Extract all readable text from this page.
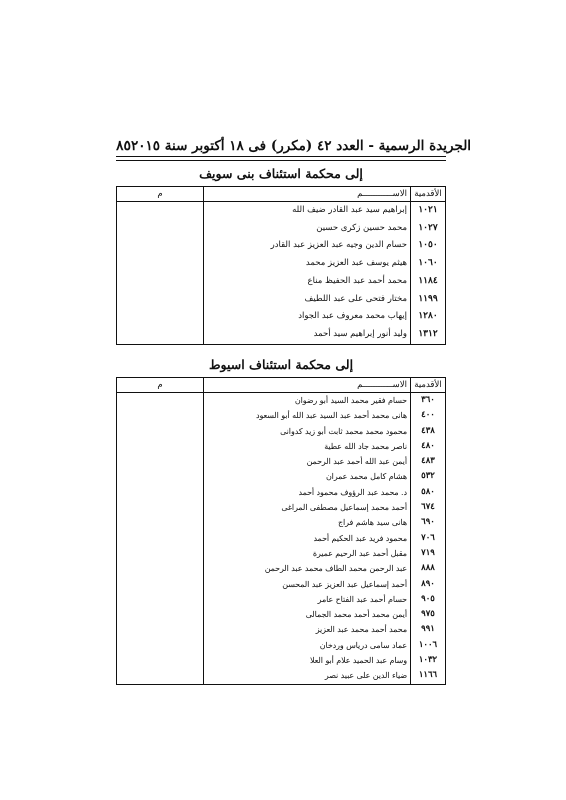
٨٥ الجريدة الرسمية - العدد ٤٢ (مكرر) فى ١٨ أكتوبر سنة ٢٠١٥
إلى محكمة استئناف بنى سويف
الأقدمية	الاســــــــــــم	م
١٠٢١	إبراهيم سيد عبد القادر ضيف الله	
١٠٢٧	محمد حسين زكرى حسين	
١٠٥٠	حسام الدين وجيه عبد العزيز عبد القادر	
١٠٦٠	هيثم يوسف عبد العزيز محمد	
١١٨٤	محمد أحمد عبد الحفيظ مناع	
١١٩٩	مختار فتحى على عبد اللطيف	
١٢٨٠	إيهاب محمد معروف عبد الجواد	
١٣١٢	وليد أنور إبراهيم سيد أحمد	
إلى محكمة استئناف اسيوط
الأقدمية	الاســــــــــــم	م
٣٦٠	حسام فقير محمد السيد أبو رضوان	
٤٠٠	هانى محمد أحمد عبد السيد عبد الله أبو السعود	
٤٣٨	محمود محمد محمد ثابت أبو زيد كدوانى	
٤٨٠	ناصر محمد جاد الله عطية	
٤٨٣	أيمن عبد الله أحمد عبد الرحمن	
٥٣٢	هشام كامل محمد عمران	
٥٨٠	د. محمد عبد الرؤوف محمود أحمد	
٦٧٤	أحمد محمد إسماعيل مصطفى المراغى	
٦٩٠	هانى سيد هاشم فراج	
٧٠٦	محمود فريد عبد الحكيم أحمد	
٧١٩	مقبل أحمد عبد الرحيم عميرة	
٨٨٨	عبد الرحمن محمد الطاف محمد عبد الرحمن	
٨٩٠	أحمد إسماعيل عبد العزيز عبد المحسن	
٩٠٥	حسام أحمد عبد الفتاح عامر	
٩٧٥	أيمن محمد أحمد محمد الجمالى	
٩٩١	محمد أحمد محمد عبد العزيز	
١٠٠٦	عماد سامى درياس وردخان	
١٠٣٢	وسام عبد الحميد علام أبو العلا	
١١٦٦	ضياء الدين على عبيد نصر	
